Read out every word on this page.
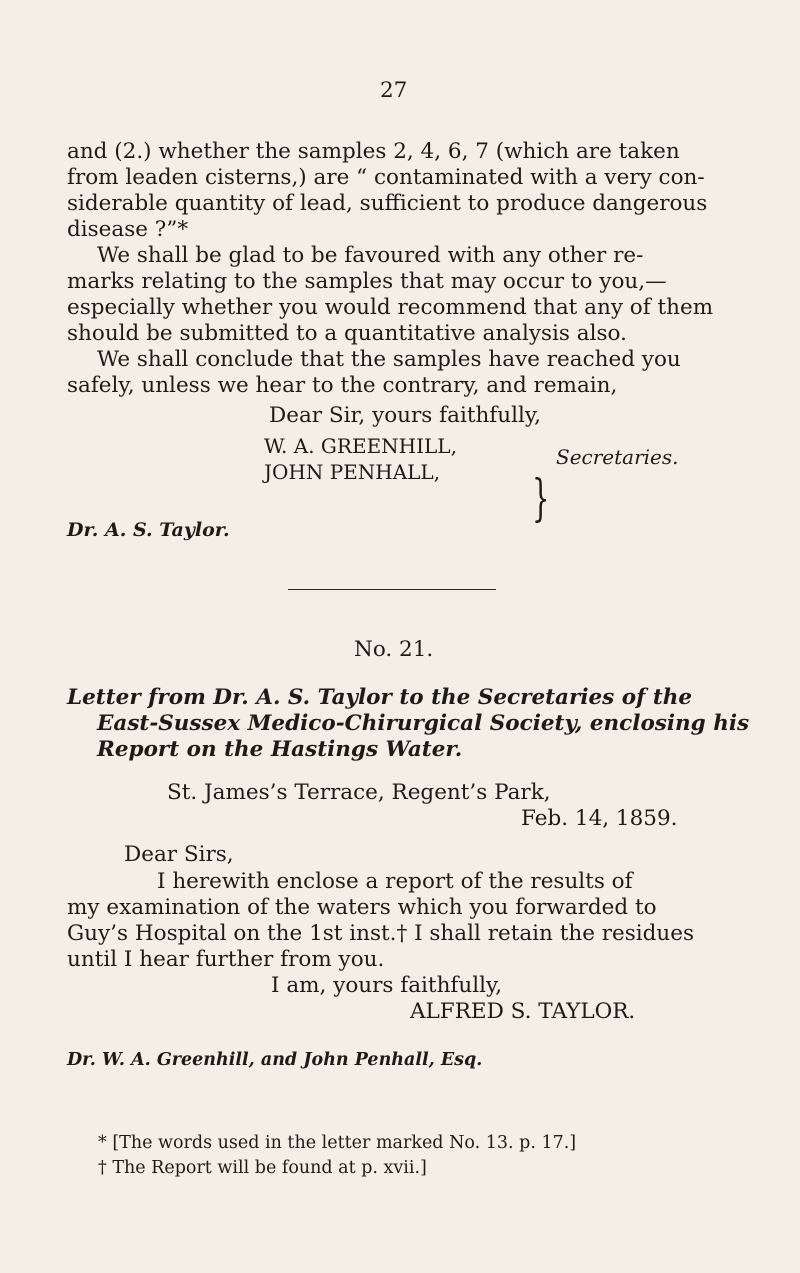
27
and (2.) whether the samples 2, 4, 6, 7 (which are taken
from leaden cisterns,) are “ contaminated with a very con-
siderable quantity of lead, sufficient to produce dangerous
disease ?”*
We shall be glad to be favoured with any other re-
marks relating to the samples that may occur to you,—
especially whether you would recommend that any of them
should be submitted to a quantitative analysis also.
We shall conclude that the samples have reached you
safely, unless we hear to the contrary, and remain,
Dear Sir, yours faithfully,
W. A. GREENHILL,
JOHN PENHALL, }
Secretaries.
Dr. A. S. Taylor.
No. 21.
Letter from Dr. A. S. Taylor to the Secretaries of the
East-Sussex Medico-Chirurgical Society, enclosing his
Report on the Hastings Water.
St. James’s Terrace, Regent’s Park,
Feb. 14, 1859.
Dear Sirs,
I herewith enclose a report of the results of
my examination of the waters which you forwarded to
Guy’s Hospital on the 1st inst.† I shall retain the residues
until I hear further from you.
I am, yours faithfully,
ALFRED S. TAYLOR.
Dr. W. A. Greenhill, and John Penhall, Esq.
* [The words used in the letter marked No. 13. p. 17.]
† The Report will be found at p. xvii.]
